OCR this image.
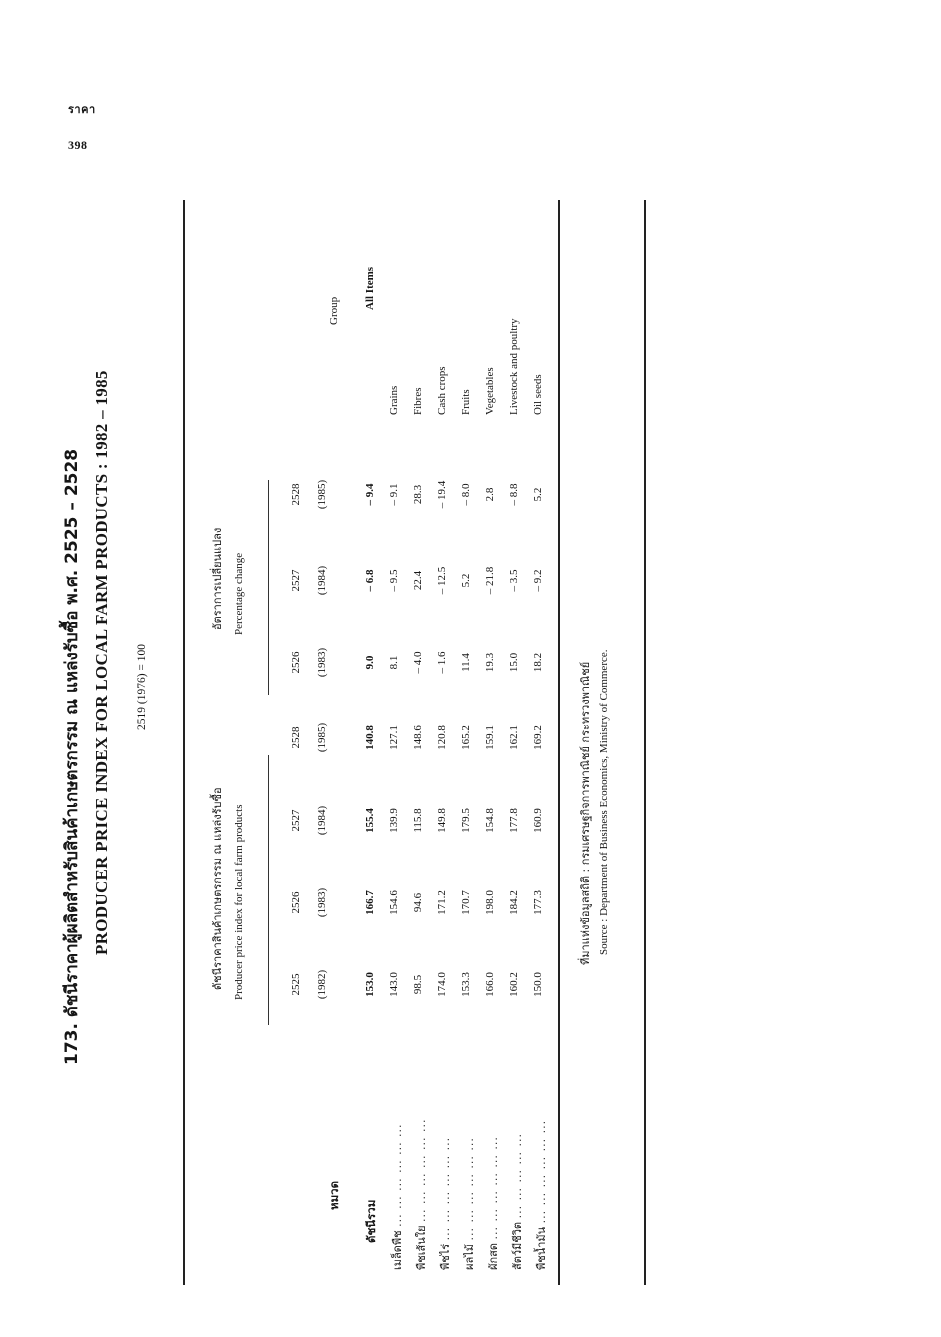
ราคา
398
173. ดัชนีราคาผู้ผลิตสำหรับสินค้าเกษตรกรรม ณ แหล่งรับซื้อ พ.ศ. 2525 – 2528 PRODUCER PRICE INDEX FOR LOCAL FARM PRODUCTS : 1982 – 1985 2519 (1976) = 100
หมวด
Group
ดัชนีราคาสินค้าเกษตรกรรม ณ แหล่งรับซื้อ Producer price index for local farm products
อัตราการเปลี่ยนแปลง Percentage change
2525 (1982)
2526 (1983)
2527 (1984)
2528 (1985)
2526 (1983)
2527 (1984)
2528 (1985)
ดัชนีรวม
153.0
166.7
155.4
140.8
9.0
– 6.8
– 9.4
All Items
เมล็ดพืช ... ... ... ... ... ...
143.0
154.6
139.9
127.1
8.1
– 9.5
– 9.1
Grains
พืชเส้นใย ... ... ... ... ... ...
98.5
94.6
115.8
148.6
– 4.0
22.4
28.3
Fibres
พืชไร่ ... ... ... ... ... ...
174.0
171.2
149.8
120.8
– 1.6
– 12.5
– 19.4
Cash crops
ผลไม้ ... ... ... ... ... ...
153.3
170.7
179.5
165.2
11.4
5.2
– 8.0
Fruits
ผักสด ... ... ... ... ... ...
166.0
198.0
154.8
159.1
19.3
– 21.8
2.8
Vegetables
สัตว์มีชีวิต ... ... ... ... ...
160.2
184.2
177.8
162.1
15.0
– 3.5
– 8.8
Livestock and poultry
พืชน้ำมัน ... ... ... ... ... ...
150.0
177.3
160.9
169.2
18.2
– 9.2
5.2
Oil seeds
ที่มาแห่งข้อมูลสถิติ : กรมเศรษฐกิจการพาณิชย์ กระทรวงพาณิชย์ Source : Department of Business Economics, Ministry of Commerce.
